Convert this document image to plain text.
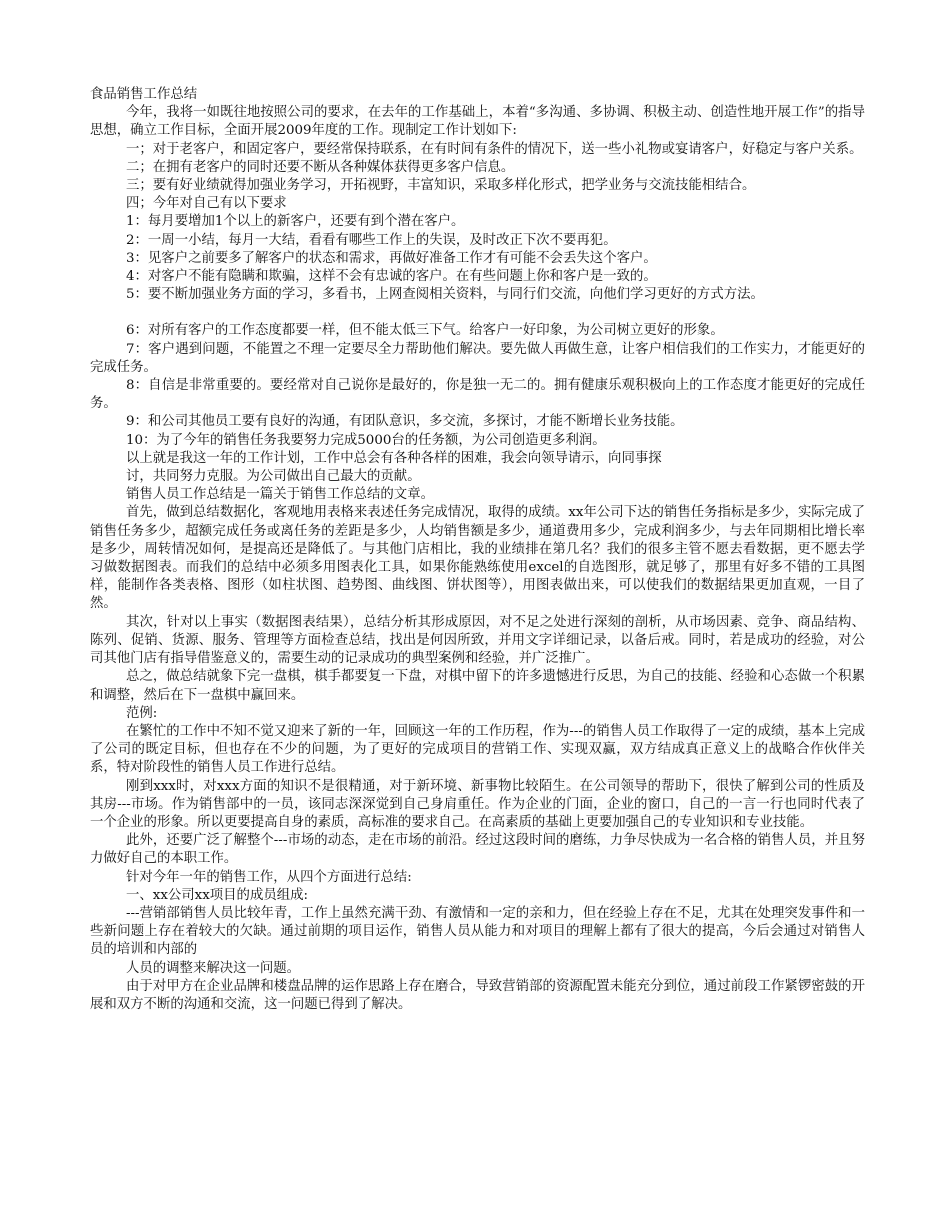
食品销售工作总结

今年，我将一如既往地按照公司的要求，在去年的工作基础上，本着“多沟通、多协调、积极主动、创造性地开展工作”的指导思想，确立工作目标，全面开展2009年度的工作。现制定工作计划如下:

一；对于老客户，和固定客户，要经常保持联系，在有时间有条件的情况下，送一些小礼物或宴请客户，好稳定与客户关系。

二；在拥有老客户的同时还要不断从各种媒体获得更多客户信息。

三；要有好业绩就得加强业务学习，开拓视野，丰富知识，采取多样化形式，把学业务与交流技能相结合。

四；今年对自己有以下要求

1：每月要增加1个以上的新客户，还要有到个潜在客户。

2：一周一小结，每月一大结，看看有哪些工作上的失误，及时改正下次不要再犯。

3：见客户之前要多了解客户的状态和需求，再做好准备工作才有可能不会丢失这个客户。

4：对客户不能有隐瞒和欺骗，这样不会有忠诚的客户。在有些问题上你和客户是一致的。

5：要不断加强业务方面的学习，多看书，上网查阅相关资料，与同行们交流，向他们学习更好的方式方法。

6：对所有客户的工作态度都要一样，但不能太低三下气。给客户一好印象，为公司树立更好的形象。

7：客户遇到问题，不能置之不理一定要尽全力帮助他们解决。要先做人再做生意，让客户相信我们的工作实力，才能更好的完成任务。

8：自信是非常重要的。要经常对自己说你是最好的，你是独一无二的。拥有健康乐观积极向上的工作态度才能更好的完成任务。

9：和公司其他员工要有良好的沟通，有团队意识，多交流，多探讨，才能不断增长业务技能。

10：为了今年的销售任务我要努力完成5000台的任务额，为公司创造更多利润。

以上就是我这一年的工作计划，工作中总会有各种各样的困难，我会向领导请示，向同事探

讨，共同努力克服。为公司做出自己最大的贡献。

销售人员工作总结是一篇关于销售工作总结的文章。

首先，做到总结数据化，客观地用表格来表述任务完成情况，取得的成绩。xx年公司下达的销售任务指标是多少，实际完成了销售任务多少，超额完成任务或离任务的差距是多少，人均销售额是多少，通道费用多少，完成利润多少，与去年同期相比增长率是多少，周转情况如何，是提高还是降低了。与其他门店相比，我的业绩排在第几名？我们的很多主管不愿去看数据，更不愿去学习做数据图表。而我们的总结中必须多用图表化工具，如果你能熟练使用excel的自选图形，就足够了，那里有好多不错的工具图样，能制作各类表格、图形（如柱状图、趋势图、曲线图、饼状图等），用图表做出来，可以使我们的数据结果更加直观，一目了然。

其次，针对以上事实（数据图表结果），总结分析其形成原因，对不足之处进行深刻的剖析，从市场因素、竞争、商品结构、陈列、促销、货源、服务、管理等方面检查总结，找出是何因所致，并用文字详细记录，以备后戒。同时，若是成功的经验，对公司其他门店有指导借鉴意义的，需要生动的记录成功的典型案例和经验，并广泛推广。

总之，做总结就象下完一盘棋，棋手都要复一下盘，对棋中留下的许多遗憾进行反思，为自己的技能、经验和心态做一个积累和调整，然后在下一盘棋中赢回来。

范例:

在繁忙的工作中不知不觉又迎来了新的一年，回顾这一年的工作历程，作为---的销售人员工作取得了一定的成绩，基本上完成了公司的既定目标，但也存在不少的问题，为了更好的完成项目的营销工作、实现双赢，双方结成真正意义上的战略合作伙伴关系，特对阶段性的销售人员工作进行总结。

刚到xxx时，对xxx方面的知识不是很精通，对于新环境、新事物比较陌生。在公司领导的帮助下，很快了解到公司的性质及其房---市场。作为销售部中的一员，该同志深深觉到自己身肩重任。作为企业的门面，企业的窗口，自己的一言一行也同时代表了一个企业的形象。所以更要提高自身的素质，高标准的要求自己。在高素质的基础上更要加强自己的专业知识和专业技能。

此外，还要广泛了解整个---市场的动态，走在市场的前沿。经过这段时间的磨练，力争尽快成为一名合格的销售人员，并且努力做好自己的本职工作。

针对今年一年的销售工作，从四个方面进行总结:

一、xx公司xx项目的成员组成:

---营销部销售人员比较年青，工作上虽然充满干劲、有激情和一定的亲和力，但在经验上存在不足，尤其在处理突发事件和一些新问题上存在着较大的欠缺。通过前期的项目运作，销售人员从能力和对项目的理解上都有了很大的提高，今后会通过对销售人员的培训和内部的

人员的调整来解决这一问题。

由于对甲方在企业品牌和楼盘品牌的运作思路上存在磨合，导致营销部的资源配置未能充分到位，通过前段工作紧锣密鼓的开展和双方不断的沟通和交流，这一问题已得到了解决。
